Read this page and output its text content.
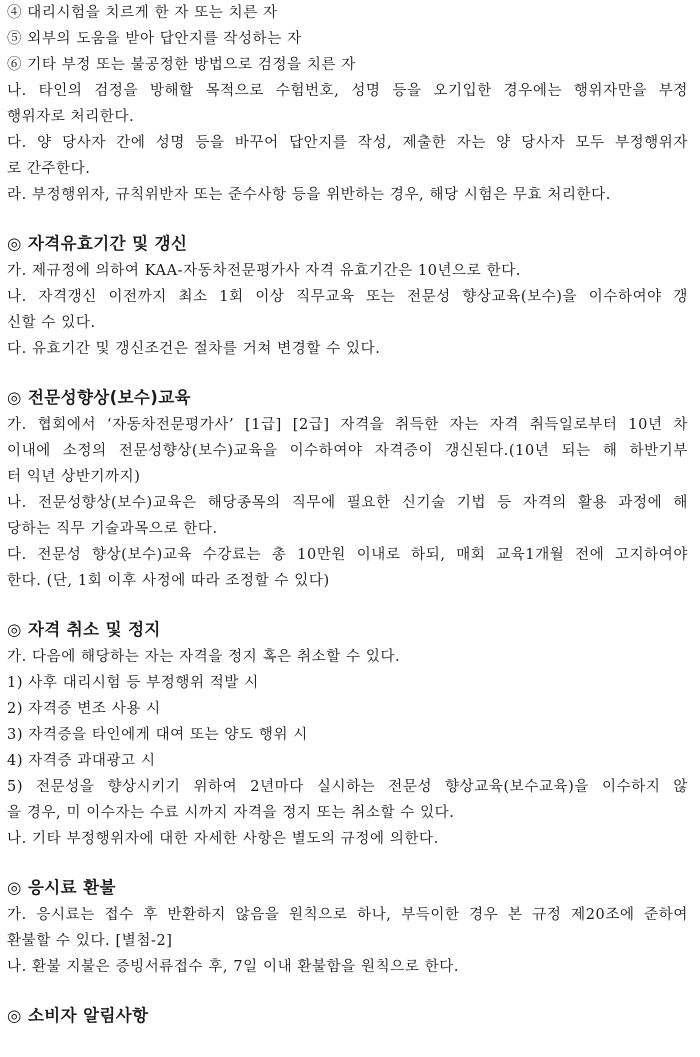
④ 대리시험을 치르게 한 자 또는 치른 자
⑤ 외부의 도움을 받아 답안지를 작성하는 자
⑥ 기타 부정 또는 불공정한 방법으로 검정을 치른 자
나. 타인의 검정을 방해할 목적으로 수험번호, 성명 등을 오기입한 경우에는 행위자만을 부정
행위자로 처리한다.
다. 양 당사자 간에 성명 등을 바꾸어 답안지를 작성, 제출한 자는 양 당사자 모두 부정행위자
로 간주한다.
라. 부정행위자, 규칙위반자 또는 준수사항 등을 위반하는 경우, 해당 시험은 무효 처리한다.
◎ 자격유효기간 및 갱신
가. 제규정에 의하여 KAA-자동차전문평가사 자격 유효기간은 10년으로 한다.
나. 자격갱신 이전까지 최소 1회 이상 직무교육 또는 전문성 향상교육(보수)을 이수하여야 갱
신할 수 있다.
다. 유효기간 및 갱신조건은 절차를 거쳐 변경할 수 있다.
◎ 전문성향상(보수)교육
가. 협회에서 ‘자동차전문평가사’ [1급] [2급] 자격을 취득한 자는 자격 취득일로부터 10년 차
이내에 소정의 전문성향상(보수)교육을 이수하여야 자격증이 갱신된다.(10년 되는 해 하반기부
터 익년 상반기까지)
나. 전문성향상(보수)교육은 해당종목의 직무에 필요한 신기술 기법 등 자격의 활용 과정에 해
당하는 직무 기술과목으로 한다.
다. 전문성 향상(보수)교육 수강료는 총 10만원 이내로 하되, 매회 교육1개월 전에 고지하여야
한다. (단, 1회 이후 사정에 따라 조정할 수 있다)
◎ 자격 취소 및 정지
가. 다음에 해당하는 자는 자격을 정지 혹은 취소할 수 있다.
1) 사후 대리시험 등 부정행위 적발 시
2) 자격증 변조 사용 시
3) 자격증을 타인에게 대여 또는 양도 행위 시
4) 자격증 과대광고 시
5) 전문성을 향상시키기 위하여 2년마다 실시하는 전문성 향상교육(보수교육)을 이수하지 않
을 경우, 미 이수자는 수료 시까지 자격을 정지 또는 취소할 수 있다.
나. 기타 부정행위자에 대한 자세한 사항은 별도의 규정에 의한다.
◎ 응시료 환불
가. 응시료는 접수 후 반환하지 않음을 원칙으로 하나, 부득이한 경우 본 규정 제20조에 준하여
환불할 수 있다. [별첨-2]
나. 환불 지불은 증빙서류접수 후, 7일 이내 환불함을 원칙으로 한다.
◎ 소비자 알림사항
